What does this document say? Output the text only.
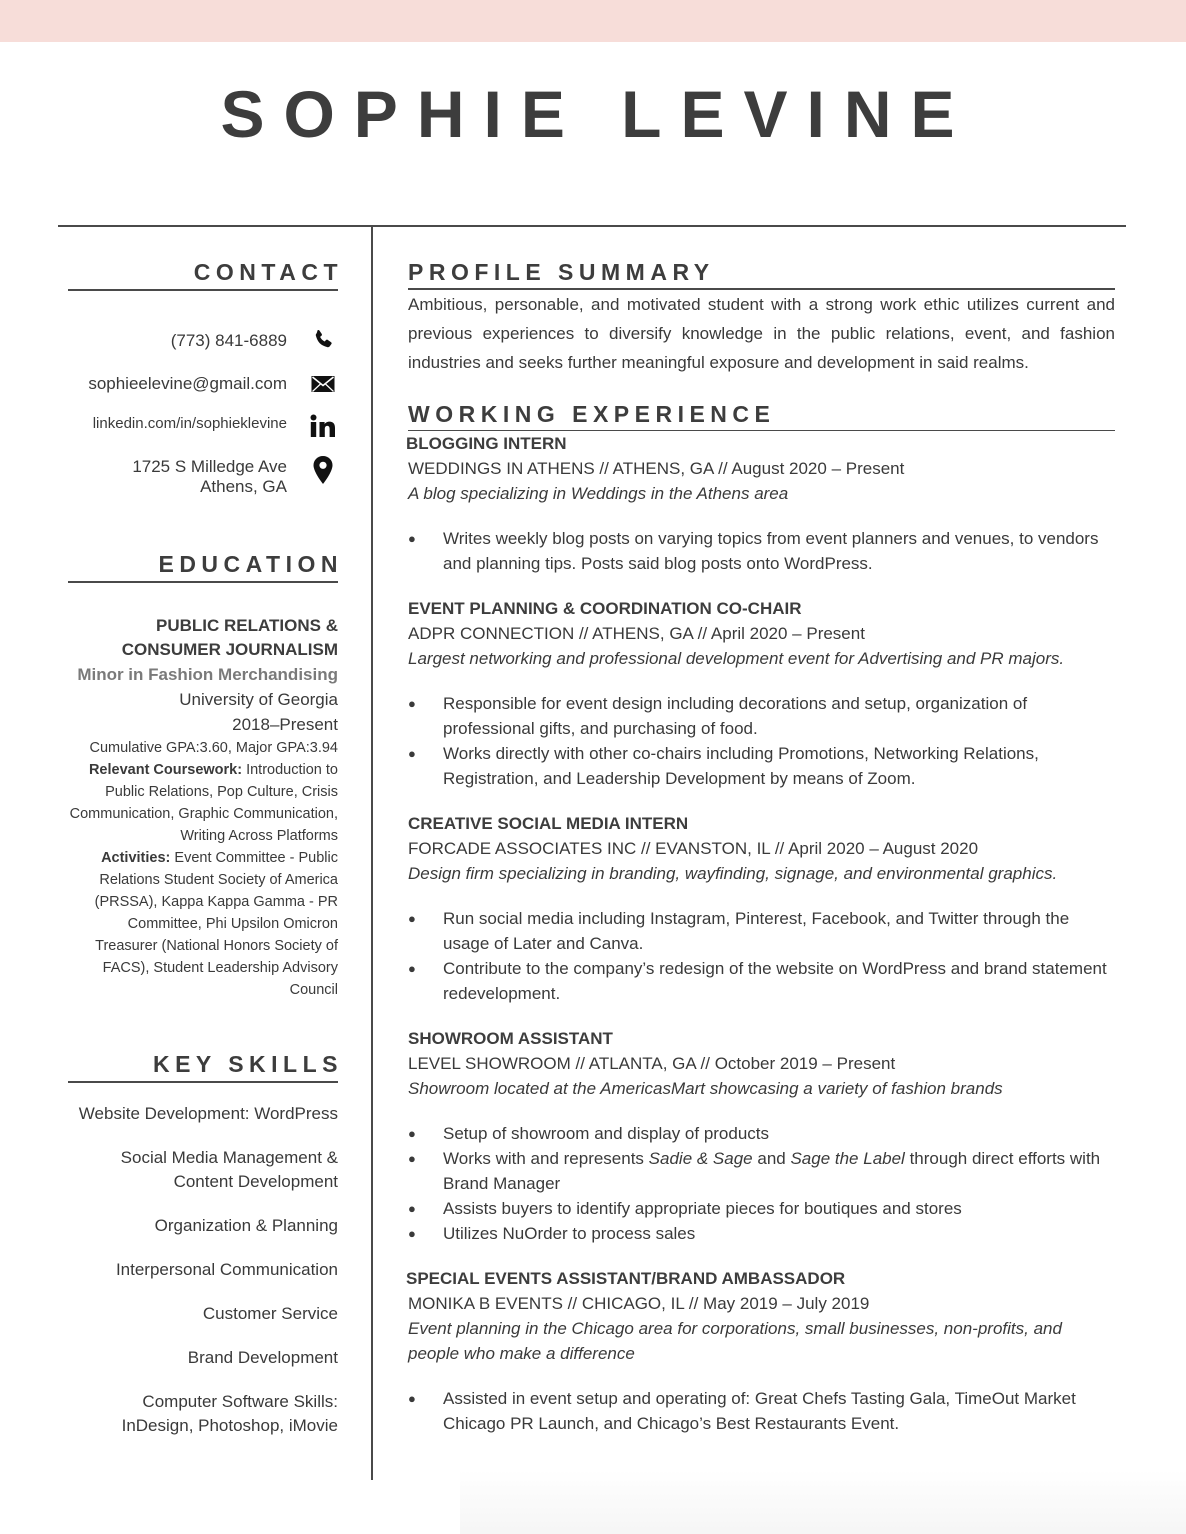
SOPHIE LEVINE
CONTACT
(773) 841-6889
sophieelevine@gmail.com
linkedin.com/in/sophieklevine
1725 S Milledge Ave
Athens, GA
EDUCATION
PUBLIC RELATIONS &
CONSUMER JOURNALISM
Minor in Fashion Merchandising
University of Georgia
2018–Present
Cumulative GPA:3.60, Major GPA:3.94
Relevant Coursework: Introduction to Public Relations, Pop Culture, Crisis Communication, Graphic Communication, Writing Across Platforms
Activities: Event Committee - Public Relations Student Society of America (PRSSA), Kappa Kappa Gamma - PR Committee, Phi Upsilon Omicron Treasurer (National Honors Society of FACS), Student Leadership Advisory Council
KEY SKILLS
Website Development: WordPress
Social Media Management & Content Development
Organization & Planning
Interpersonal Communication
Customer Service
Brand Development
Computer Software Skills: InDesign, Photoshop, iMovie
PROFILE SUMMARY
Ambitious, personable, and motivated student with a strong work ethic utilizes current and previous experiences to diversify knowledge in the public relations, event, and fashion industries and seeks further meaningful exposure and development in said realms.
WORKING EXPERIENCE
BLOGGING INTERN
WEDDINGS IN ATHENS // ATHENS, GA // August 2020 – Present
A blog specializing in Weddings in the Athens area
● Writes weekly blog posts on varying topics from event planners and venues, to vendors and planning tips. Posts said blog posts onto WordPress.
EVENT PLANNING & COORDINATION CO-CHAIR
ADPR CONNECTION // ATHENS, GA // April 2020 – Present
Largest networking and professional development event for Advertising and PR majors.
● Responsible for event design including decorations and setup, organization of professional gifts, and purchasing of food.
● Works directly with other co-chairs including Promotions, Networking Relations, Registration, and Leadership Development by means of Zoom.
CREATIVE SOCIAL MEDIA INTERN
FORCADE ASSOCIATES INC // EVANSTON, IL // April 2020 – August 2020
Design firm specializing in branding, wayfinding, signage, and environmental graphics.
● Run social media including Instagram, Pinterest, Facebook, and Twitter through the usage of Later and Canva.
● Contribute to the company’s redesign of the website on WordPress and brand statement redevelopment.
SHOWROOM ASSISTANT
LEVEL SHOWROOM // ATLANTA, GA // October 2019 – Present
Showroom located at the AmericasMart showcasing a variety of fashion brands
● Setup of showroom and display of products
● Works with and represents Sadie & Sage and Sage the Label through direct efforts with Brand Manager
● Assists buyers to identify appropriate pieces for boutiques and stores
● Utilizes NuOrder to process sales
SPECIAL EVENTS ASSISTANT/BRAND AMBASSADOR
MONIKA B EVENTS // CHICAGO, IL // May 2019 – July 2019
Event planning in the Chicago area for corporations, small businesses, non-profits, and people who make a difference
● Assisted in event setup and operating of: Great Chefs Tasting Gala, TimeOut Market Chicago PR Launch, and Chicago’s Best Restaurants Event.
